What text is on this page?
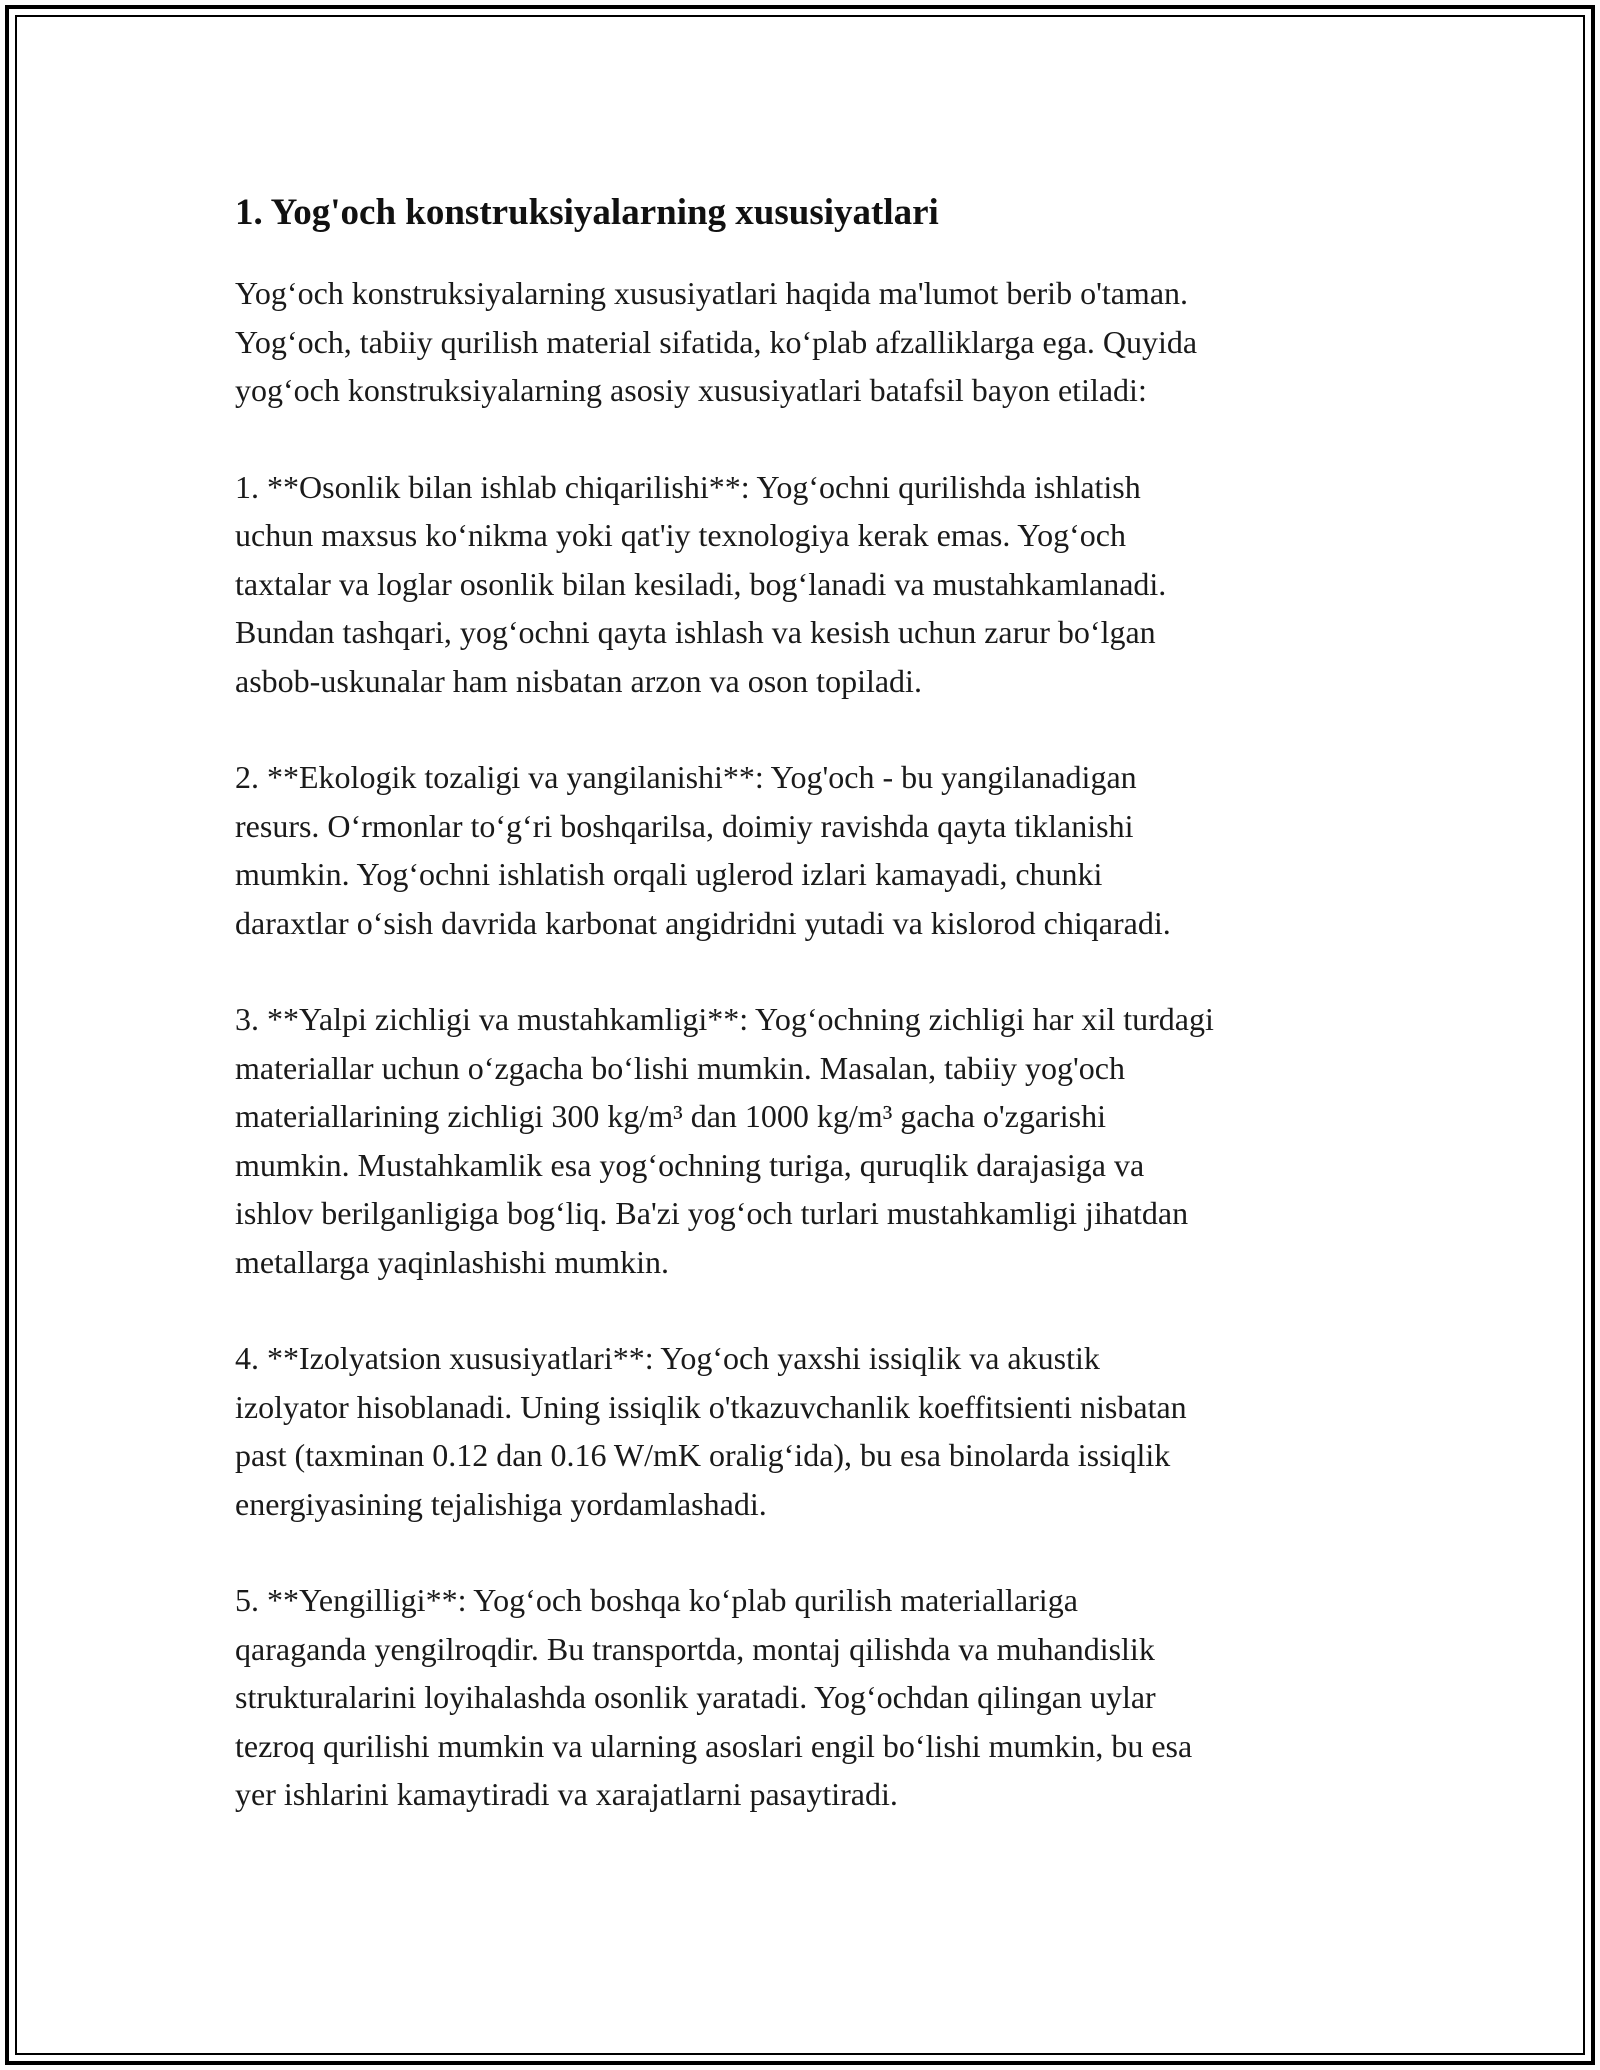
1. Yog'och konstruksiyalarning xususiyatlari

Yog‘och konstruksiyalarning xususiyatlari haqida ma'lumot berib o'taman.
Yog‘och, tabiiy qurilish material sifatida, ko‘plab afzalliklarga ega. Quyida
yog‘och konstruksiyalarning asosiy xususiyatlari batafsil bayon etiladi:

1. **Osonlik bilan ishlab chiqarilishi**: Yog‘ochni qurilishda ishlatish
uchun maxsus ko‘nikma yoki qat'iy texnologiya kerak emas. Yog‘och
taxtalar va loglar osonlik bilan kesiladi, bog‘lanadi va mustahkamlanadi.
Bundan tashqari, yog‘ochni qayta ishlash va kesish uchun zarur bo‘lgan
asbob-uskunalar ham nisbatan arzon va oson topiladi.

2. **Ekologik tozaligi va yangilanishi**: Yog'och - bu yangilanadigan
resurs. O‘rmonlar to‘g‘ri boshqarilsa, doimiy ravishda qayta tiklanishi
mumkin. Yog‘ochni ishlatish orqali uglerod izlari kamayadi, chunki
daraxtlar o‘sish davrida karbonat angidridni yutadi va kislorod chiqaradi.

3. **Yalpi zichligi va mustahkamligi**: Yog‘ochning zichligi har xil turdagi
materiallar uchun o‘zgacha bo‘lishi mumkin. Masalan, tabiiy yog'och
materiallarining zichligi 300 kg/m³ dan 1000 kg/m³ gacha o'zgarishi
mumkin. Mustahkamlik esa yog‘ochning turiga, quruqlik darajasiga va
ishlov berilganligiga bog‘liq. Ba'zi yog‘och turlari mustahkamligi jihatdan
metallarga yaqinlashishi mumkin.

4. **Izolyatsion xususiyatlari**: Yog‘och yaxshi issiqlik va akustik
izolyator hisoblanadi. Uning issiqlik o'tkazuvchanlik koeffitsienti nisbatan
past (taxminan 0.12 dan 0.16 W/mK oralig‘ida), bu esa binolarda issiqlik
energiyasining tejalishiga yordamlashadi.

5. **Yengilligi**: Yog‘och boshqa ko‘plab qurilish materiallariga
qaraganda yengilroqdir. Bu transportda, montaj qilishda va muhandislik
strukturalarini loyihalashda osonlik yaratadi. Yog‘ochdan qilingan uylar
tezroq qurilishi mumkin va ularning asoslari engil bo‘lishi mumkin, bu esa
yer ishlarini kamaytiradi va xarajatlarni pasaytiradi.
